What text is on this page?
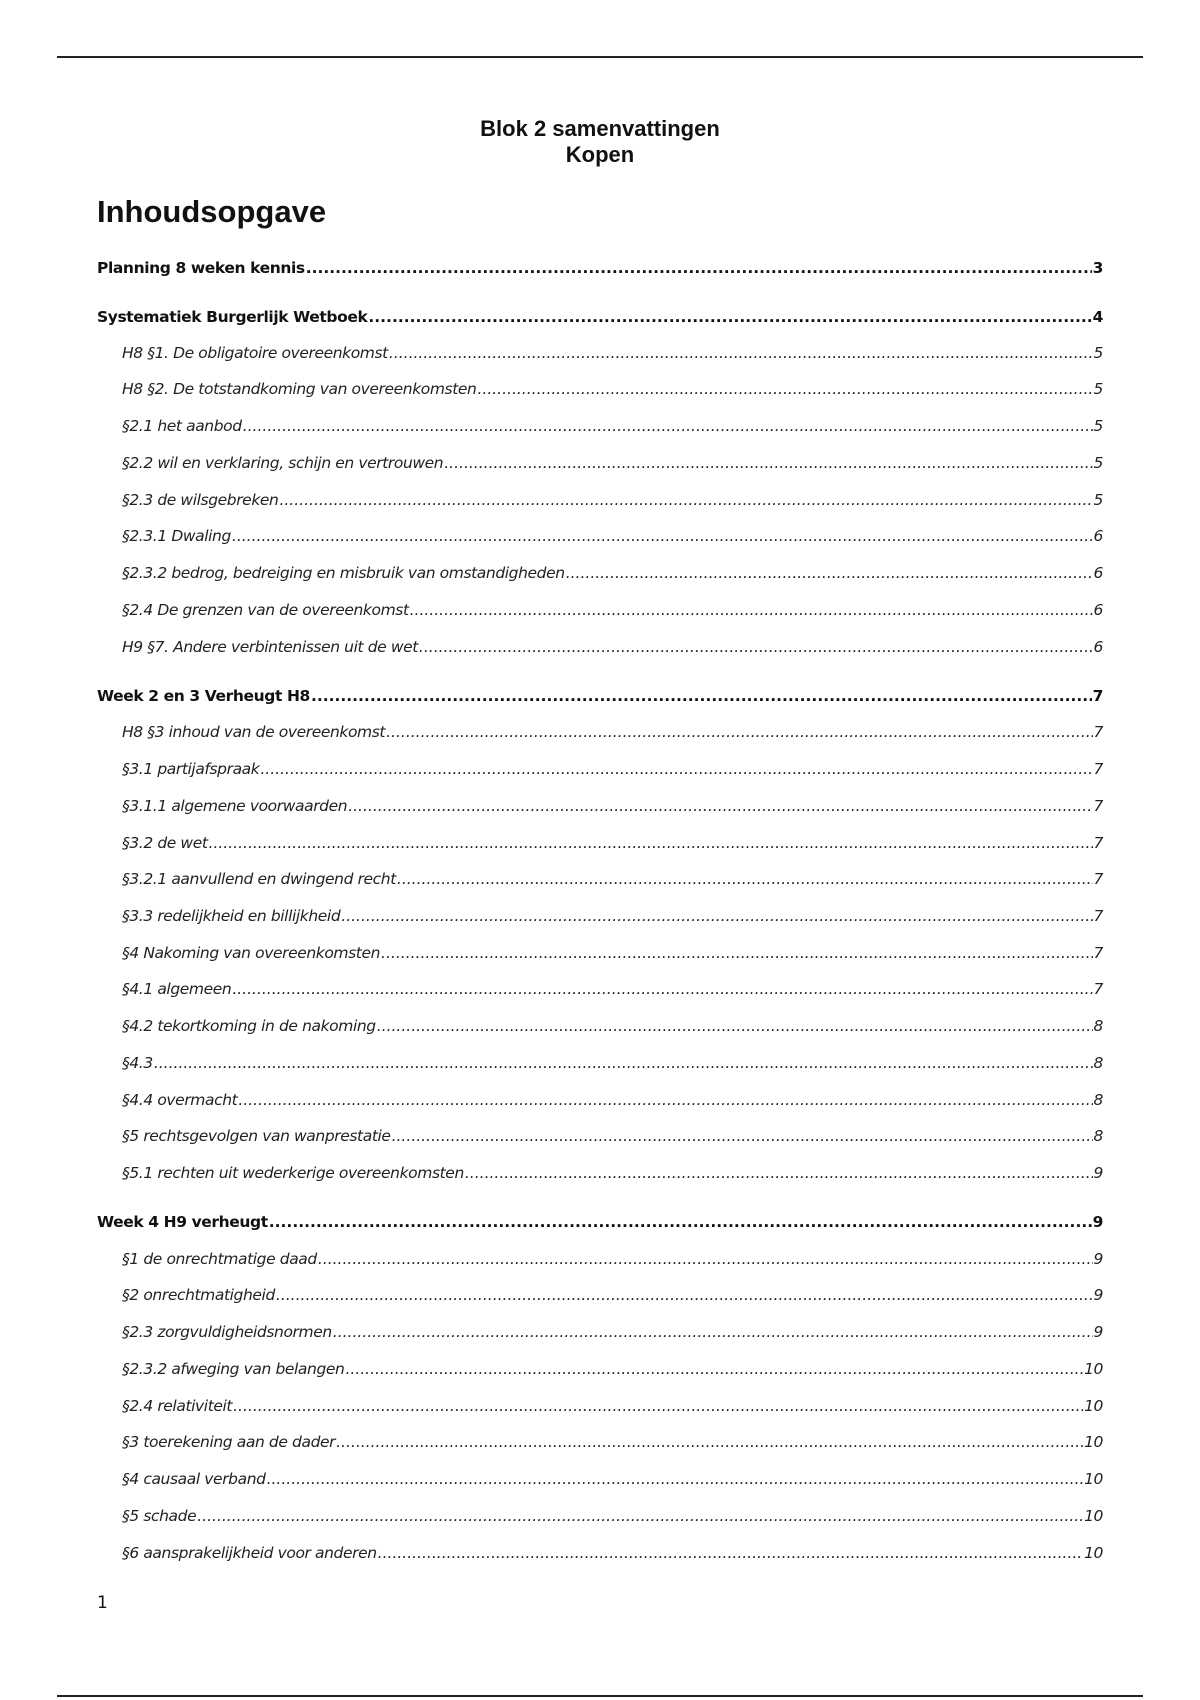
Blok 2 samenvattingen
Kopen
Inhoudsopgave
Planning 8 weken kennis .....	3
Systematiek Burgerlijk Wetboek .....	4
H8 §1. De obligatoire overeenkomst .....	5
H8 §2. De totstandkoming van overeenkomsten .....	5
§2.1 het aanbod .....	5
§2.2 wil en verklaring, schijn en vertrouwen .....	5
§2.3 de wilsgebreken .....	5
§2.3.1 Dwaling .....	6
§2.3.2 bedrog, bedreiging en misbruik van omstandigheden .....	6
§2.4 De grenzen van de overeenkomst .....	6
H9 §7. Andere verbintenissen uit de wet .....	6
Week 2 en 3 Verheugt H8 .....	7
H8 §3 inhoud van de overeenkomst .....	7
§3.1 partijafspraak .....	7
§3.1.1 algemene voorwaarden .....	7
§3.2 de wet .....	7
§3.2.1 aanvullend en dwingend recht .....	7
§3.3 redelijkheid en billijkheid .....	7
§4 Nakoming van overeenkomsten .....	7
§4.1 algemeen .....	7
§4.2 tekortkoming in de nakoming .....	8
§4.3 .....	8
§4.4 overmacht .....	8
§5 rechtsgevolgen van wanprestatie .....	8
§5.1 rechten uit wederkerige overeenkomsten .....	9
Week 4 H9 verheugt .....	9
§1 de onrechtmatige daad .....	9
§2 onrechtmatigheid .....	9
§2.3 zorgvuldigheidsnormen .....	9
§2.3.2 afweging van belangen .....	10
§2.4 relativiteit .....	10
§3 toerekening aan de dader .....	10
§4 causaal verband .....	10
§5 schade .....	10
§6 aansprakelijkheid voor anderen .....	10
1
